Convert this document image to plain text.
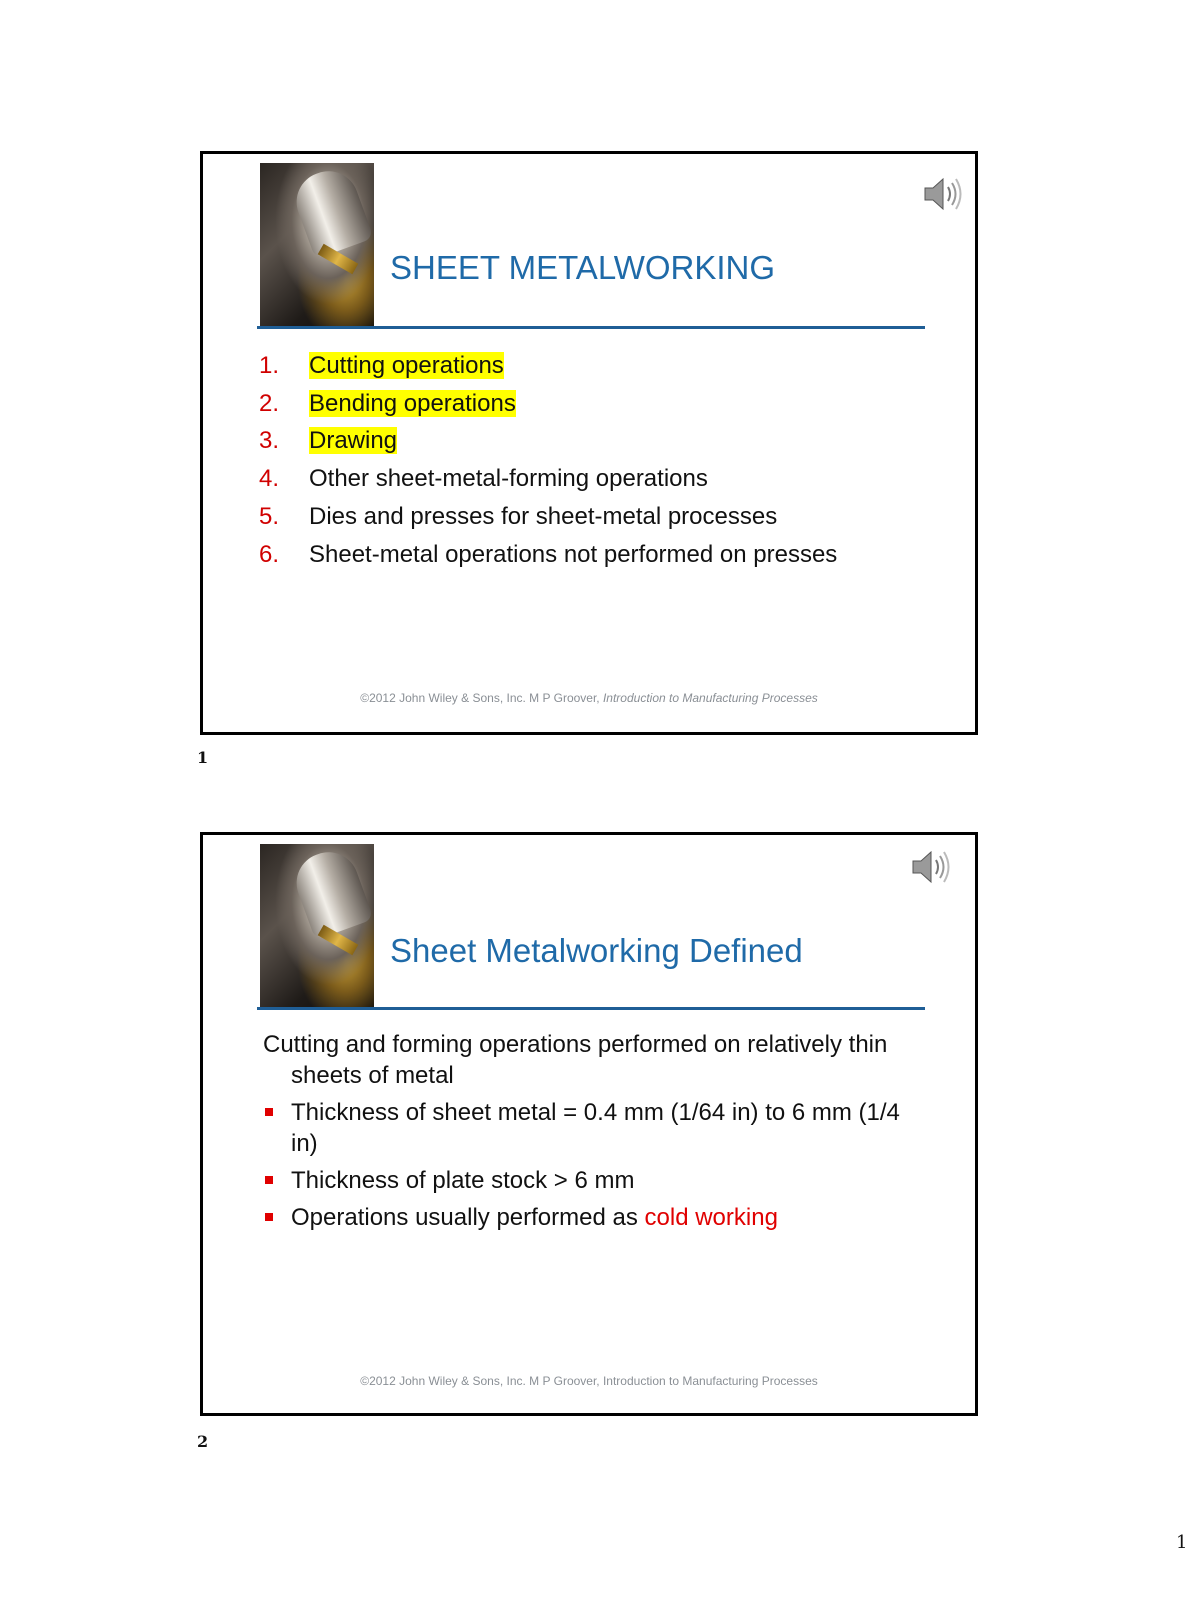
SHEET METALWORKING
1. Cutting operations
2. Bending operations
3. Drawing
4. Other sheet-metal-forming operations
5. Dies and presses for sheet-metal processes
6. Sheet-metal operations not performed on presses
©2012 John Wiley & Sons, Inc. M P Groover, Introduction to Manufacturing Processes
1
Sheet Metalworking Defined

Cutting and forming operations performed on relatively thin sheets of metal

Thickness of sheet metal = 0.4 mm (1/64 in) to 6 mm (1/4 in)
Thickness of plate stock > 6 mm
Operations usually performed as cold working
©2012 John Wiley & Sons, Inc. M P Groover, Introduction to Manufacturing Processes
2
1
